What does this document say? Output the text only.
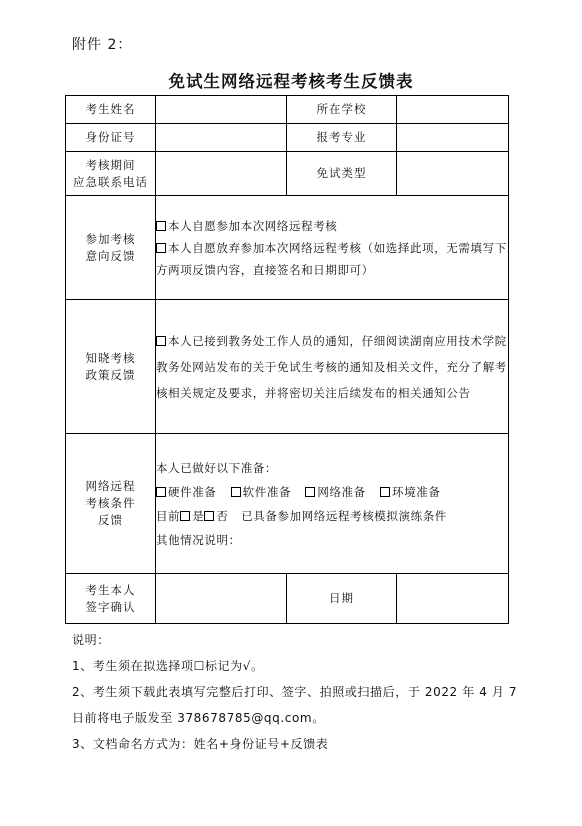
附件 2：
免试生网络远程考核考生反馈表
考生姓名		所在学校	
身份证号		报考专业	
考核期间
应急联系电话		免试类型	
参加考核
意向反馈	本人自愿参加本次网络远程考核
本人自愿放弃参加本次网络远程考核（如选择此项，无需填写下方两项反馈内容，直接签名和日期即可）		

知晓考核
政策反馈	本人已接到教务处工作人员的通知，仔细阅读湖南应用技术学院教务处网站发布的关于免试生考核的通知及相关文件，充分了解考核相关规定及要求，并将密切关注后续发布的相关通知公告		
网络远程
考核条件
反馈	本人已做好以下准备：
硬件准备 软件准备 网络准备 环境准备
目前 是 否 已具备参加网络远程考核模拟演练条件
其他情况说明：		

考生本人
签字确认		日期	

说明：

1、考生须在拟选择项☐标记为√。

2、考生须下载此表填写完整后打印、签字、拍照或扫描后，于 2022 年 4 月 7 日前将电子版发至 378678785@qq.com。

3、文档命名方式为：姓名+身份证号+反馈表
